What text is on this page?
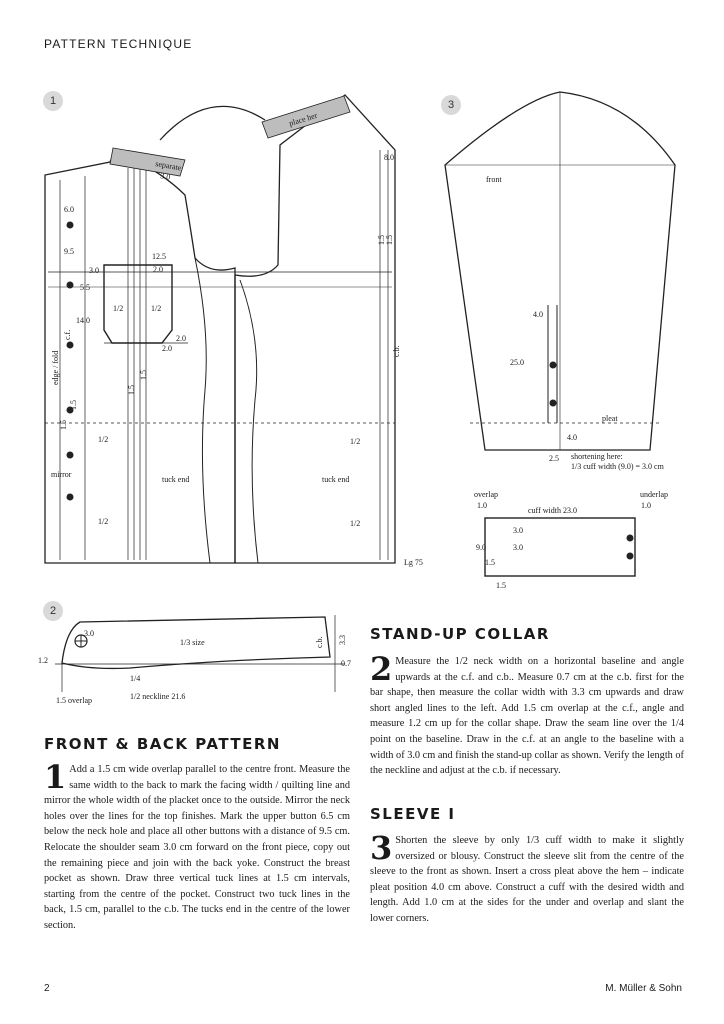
PATTERN TECHNIQUE
separate
3.0
place her
8.0
6.0
9.5
3.0
5.5
14.0
12.5
2.0
2.0
2.0
1/2	1/2
edge / fold
c.f.
c.b.
1.5
1.5
1.5
1.5
1.5 1.5
1/2
1/2
1/2
1/2
mirror
tuck end	tuck end
Lg 75
3.0
1/3 size	c.b. 3.3
1.2	0.7
1/4
1.5 overlap	1/2 neckline 21.6
front
4.0
25.0
pleat
4.0
2.5 shortening here:
1/3 cuff width (9.0) = 3.0 cm
overlap
1.0
cuff width 23.0
underlap
1.0
3.0
3.0
9.0
1.5
1.5
1	3
2
STAND-UP COLLAR
2 Measure the 1/2 neck width on a horizontal baseline and angle upwards at the c.f. and c.b.. Measure 0.7 cm at the c.b. first for the bar shape, then measure the collar width with 3.3 cm upwards and draw short angled lines to the left. Add 1.5 cm overlap at the c.f., angle and measure 1.2 cm up for the collar shape. Draw the seam line over the 1/4 point on the baseline. Draw in the c.f. at an angle to the baseline with a width of 3.0 cm and finish the stand-up collar as shown. Verify the length of the neckline and adjust at the c.b. if necessary.
FRONT & BACK PATTERN
1 Add a 1.5 cm wide overlap parallel to the centre front. Measure the same width to the back to mark the facing width / quilting line and mirror the whole width of the placket once to the outside. Mirror the neck holes over the lines for the top finishes. Mark the upper button 6.5 cm below the neck hole and place all other buttons with a distance of 9.5 cm. Relocate the shoulder seam 3.0 cm forward on the front piece, copy out the remaining piece and join with the back yoke. Construct the breast pocket as shown. Draw three vertical tuck lines at 1.5 cm intervals, starting from the centre of the pocket. Construct two tuck lines in the back, 1.5 cm, parallel to the c.b. The tucks end in the centre of the lower section.
SLEEVE I
3 Shorten the sleeve by only 1/3 cuff width to make it slightly oversized or blousy. Construct the sleeve slit from the centre of the sleeve to the front as shown. Insert a cross pleat above the hem – indicate pleat position 4.0 cm above. Construct a cuff with the desired width and length. Add 1.0 cm at the sides for the under and overlap and slant the lower corners.
2	M. Müller & Sohn
